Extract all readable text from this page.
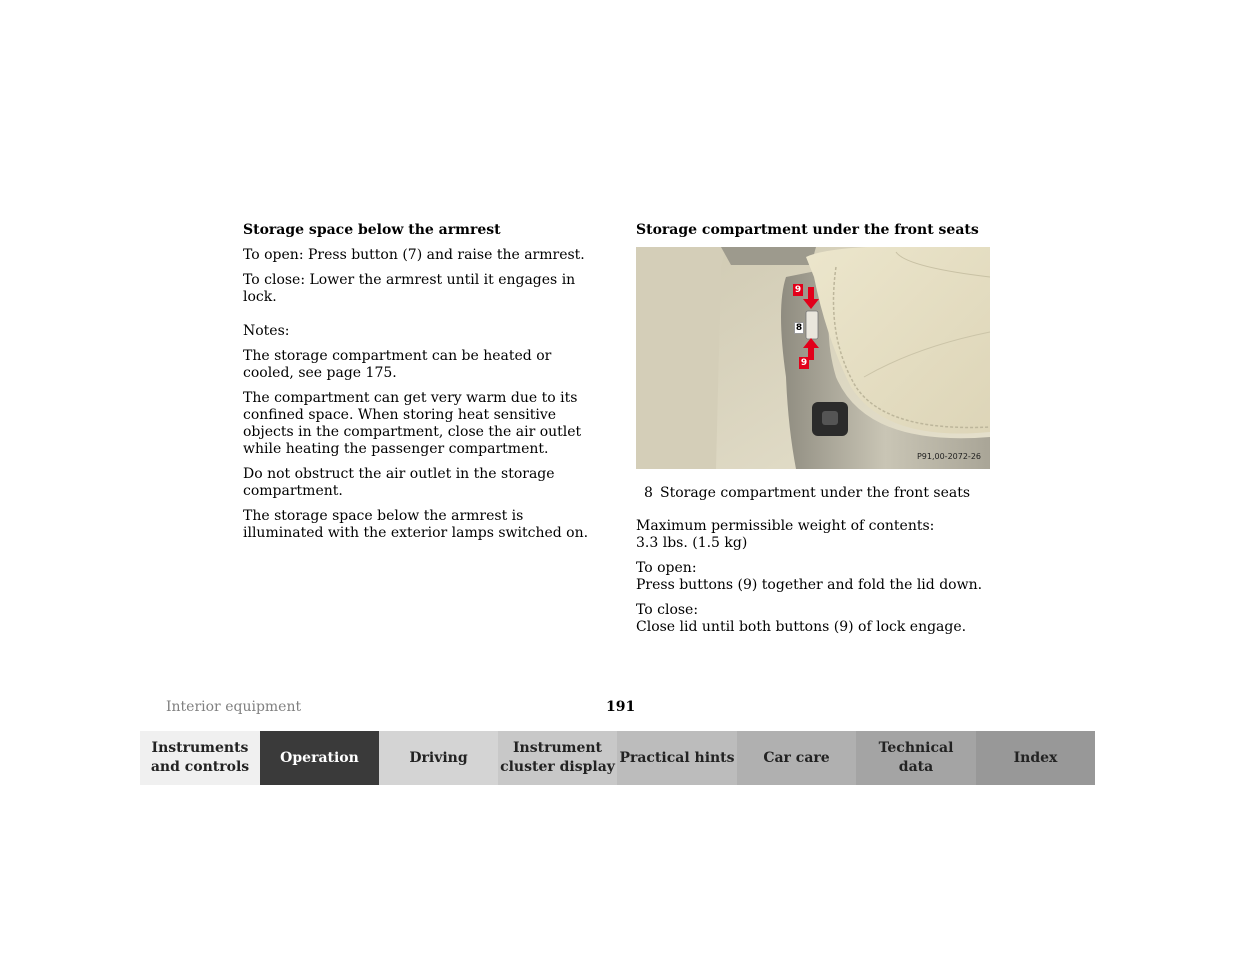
Storage space below the armrest

To open: Press button (7) and raise the armrest.

To close: Lower the armrest until it engages in lock.

Notes:

The storage compartment can be heated or cooled, see page 175.

The compartment can get very warm due to its confined space. When storing heat sensitive objects in the compartment, close the air outlet while heating the passenger compartment.

Do not obstruct the air outlet in the storage compartment.

The storage space below the armrest is illuminated with the exterior lamps switched on.

Storage compartment under the front seats
9
8
9
P91,00-2072-26
8 Storage compartment under the front seats

Maximum permissible weight of contents:
3.3 lbs. (1.5 kg)

To open:
Press buttons (9) together and fold the lid down.

To close:
Close lid until both buttons (9) of lock engage.

Interior equipment	191
Instruments
and controls
Operation	Driving
Instrument
cluster display
Practical hints Car care
Technical
data
Index
